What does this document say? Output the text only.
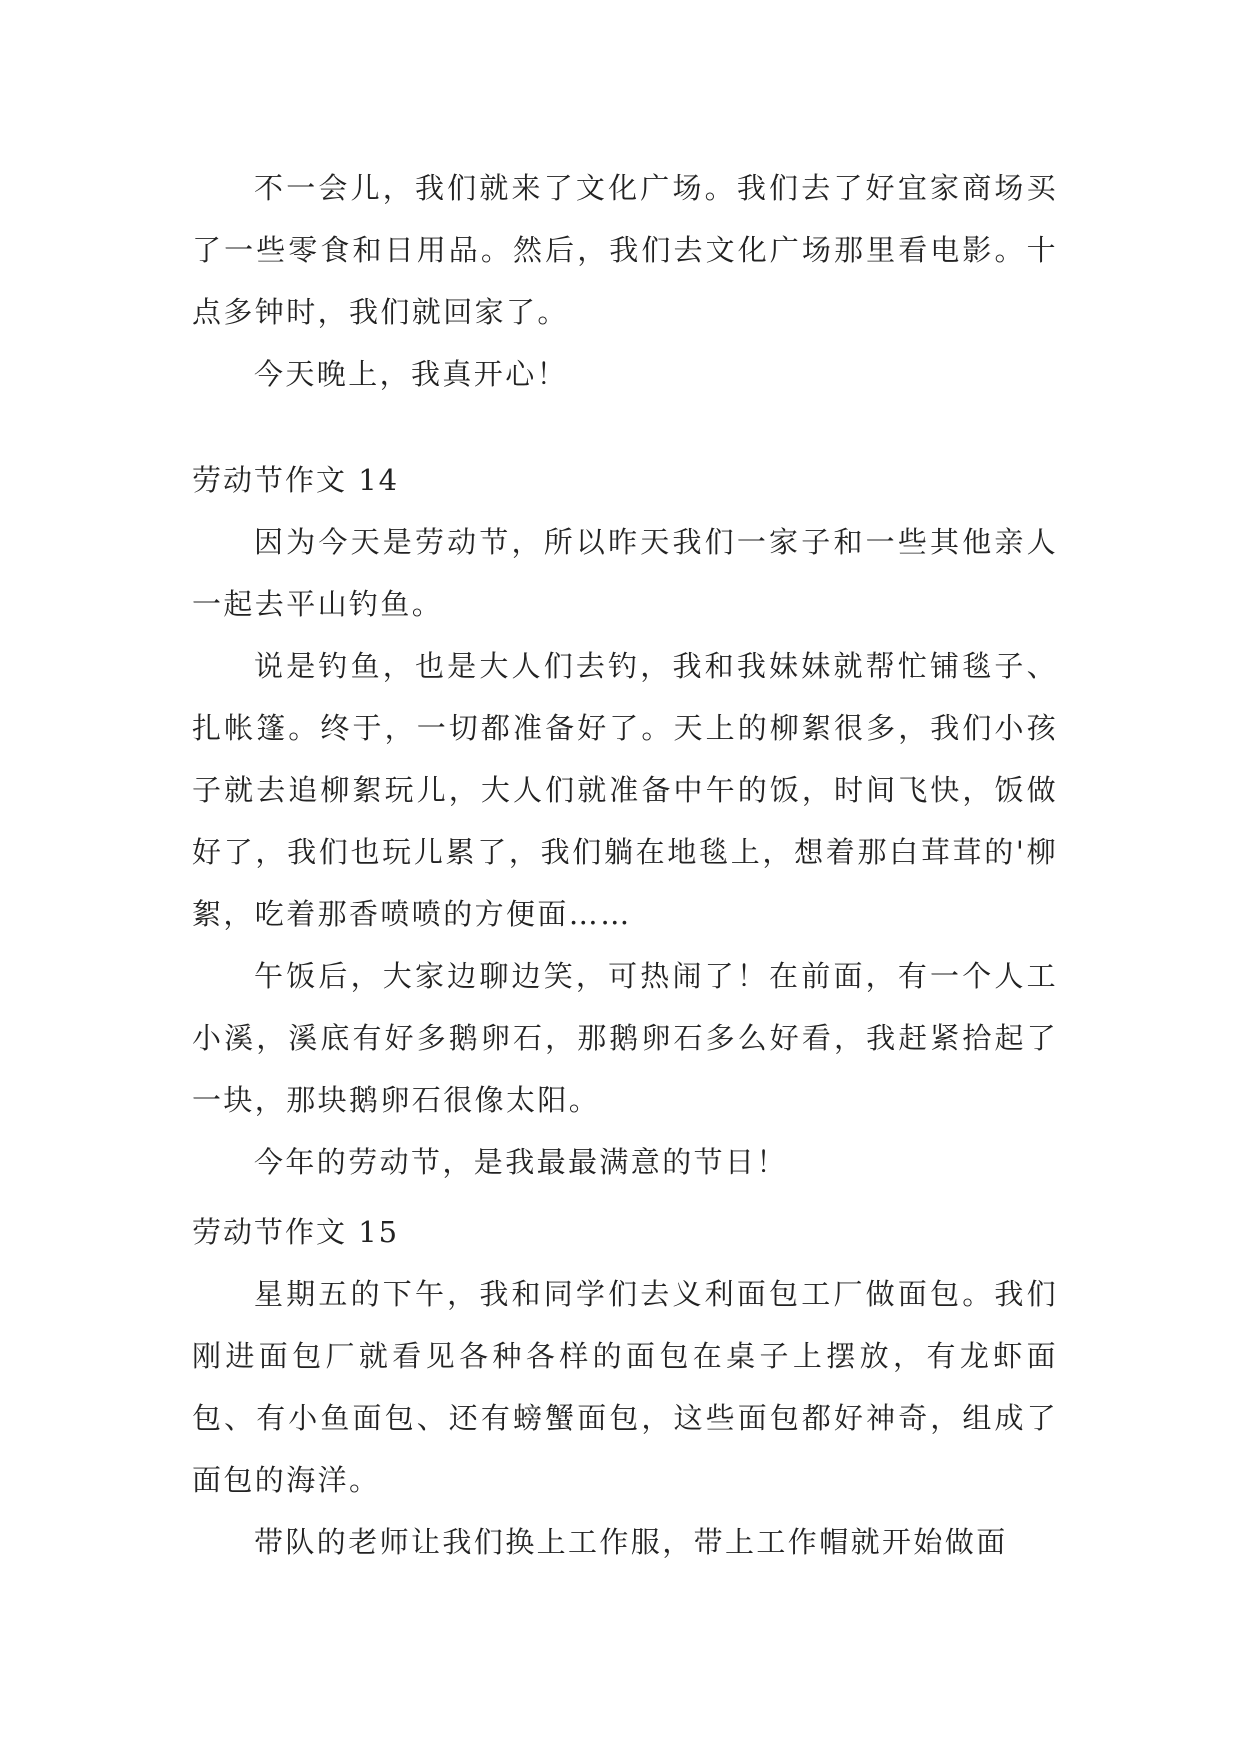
不一会儿，我们就来了文化广场。我们去了好宜家商场买了一些零食和日用品。然后，我们去文化广场那里看电影。十点多钟时，我们就回家了。

今天晚上，我真开心！

劳动节作文 14

因为今天是劳动节，所以昨天我们一家子和一些其他亲人一起去平山钓鱼。

说是钓鱼，也是大人们去钓，我和我妹妹就帮忙铺毯子、扎帐篷。终于，一切都准备好了。天上的柳絮很多，我们小孩子就去追柳絮玩儿，大人们就准备中午的饭，时间飞快，饭做好了，我们也玩儿累了，我们躺在地毯上，想着那白茸茸的'柳絮，吃着那香喷喷的方便面……

午饭后，大家边聊边笑，可热闹了！在前面，有一个人工小溪，溪底有好多鹅卵石，那鹅卵石多么好看，我赶紧拾起了一块，那块鹅卵石很像太阳。

今年的劳动节，是我最最满意的节日！

劳动节作文 15

星期五的下午，我和同学们去义利面包工厂做面包。我们刚进面包厂就看见各种各样的面包在桌子上摆放，有龙虾面包、有小鱼面包、还有螃蟹面包，这些面包都好神奇，组成了面包的海洋。

带队的老师让我们换上工作服，带上工作帽就开始做面
